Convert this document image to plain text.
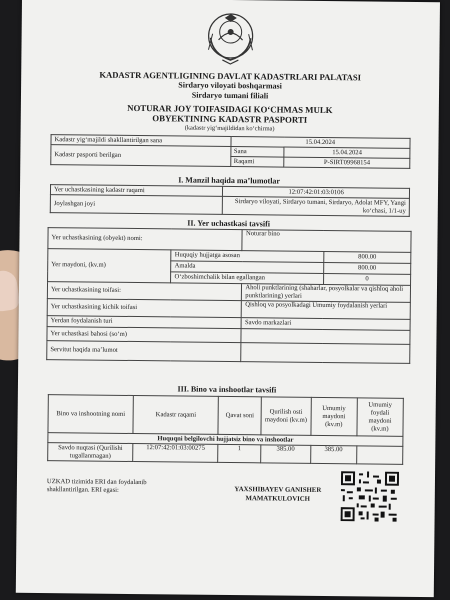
KADASTR AGENTLIGINING DAVLAT KADASTRLARI PALATASI
Sirdaryo viloyati boshqarmasi
Sirdaryo tumani filiali
NOTURAR JOY TOIFASIDAGI KO‘CHMAS MULK
OBYEKTINING KADASTR PASPORTI
(kadastr yig‘majildidan ko‘chirma)
Kadastr yig‘majildi shakllantirilgan sana	15.04.2024	
Kadastr pasporti berilgan	Sana	15.04.2024
	Raqami	P-SIRT09968154
I. Manzil haqida ma’lumotlar
Yer uchastkasining kadastr raqami	12:07:42:01:03:0106
Joylashgan joyi	Sirdaryo viloyati, Sirdaryo tumani, Sirdaryo, Adolat MFY, Yangi ko‘chasi, 1/1-uy
II. Yer uchastkasi tavsifi
Yer uchastkasining (obyekt) nomi:		Noturar bino	
Yer maydoni, (kv.m)	Huquqiy hujjatga asosan		800.00
	Amalda		800.00
	O‘zboshimchalik bilan egallangan		0
Yer uchastkasining toifasi:		Aholi punktlarining (shaharlar, posyolkalar va qishloq aholi punktlarining) yerlari	
Yer uchastkasining kichik toifasi		Qishloq va posyolkadagi Umumiy foydalanish yerlari	
Yerdan foydalanish turi		Savdo markazlari	
Yer uchastkasi bahosi (so‘m)			
Servitut haqida ma’lumot			
III. Bino va inshootlar tavsifi
Bino va inshootning nomi	Kadastr raqami	Qavat soni	Qurilish osti maydoni (kv.m)	Umumiy maydoni (kv.m)	Umumiy foydali maydoni (kv.m)
Huquqni belgilovchi hujjatsiz bino va inshootlar					
Savdo nuqtasi (Qurilishi tugallanmagan)	12:07:42:01:03:00275	1	385.00	385.00	
UZKAD tizimida ERI dan foydalanib shakllantirilgan. ERI egasi:	YAXSHIBAYEV GANISHER
MAMATKULOVICH
